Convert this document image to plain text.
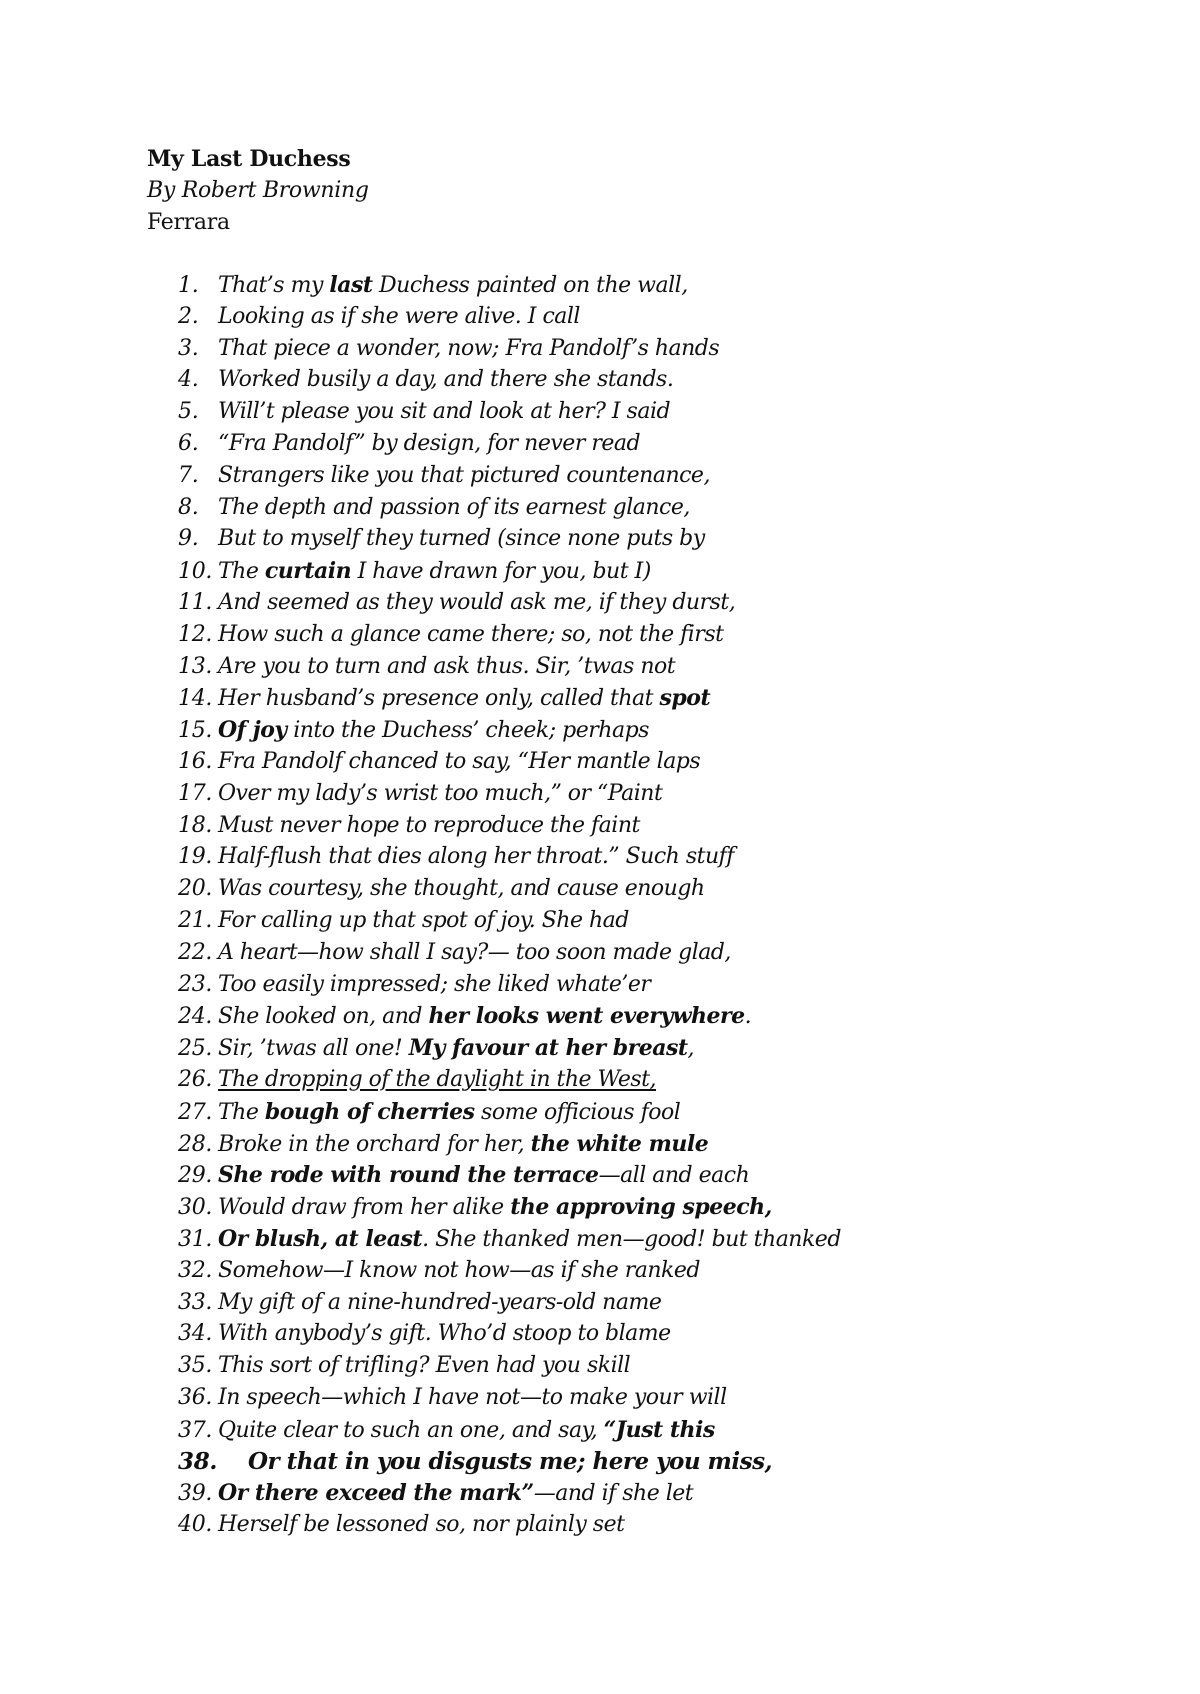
My Last Duchess
By Robert Browning
Ferrara
1. That’s my last Duchess painted on the wall,
2. Looking as if she were alive. I call
3. That piece a wonder, now; Fra Pandolf’s hands
4. Worked busily a day, and there she stands.
5. Will’t please you sit and look at her? I said
6. “Fra Pandolf” by design, for never read
7. Strangers like you that pictured countenance,
8. The depth and passion of its earnest glance,
9. But to myself they turned (since none puts by
10. The curtain I have drawn for you, but I)
11. And seemed as they would ask me, if they durst,
12. How such a glance came there; so, not the first
13. Are you to turn and ask thus. Sir, ’twas not
14. Her husband’s presence only, called that spot
15. Of joy into the Duchess’ cheek; perhaps
16. Fra Pandolf chanced to say, “Her mantle laps
17. Over my lady’s wrist too much,” or “Paint
18. Must never hope to reproduce the faint
19. Half-flush that dies along her throat.” Such stuff
20. Was courtesy, she thought, and cause enough
21. For calling up that spot of joy. She had
22. A heart—how shall I say?— too soon made glad,
23. Too easily impressed; she liked whate’er
24. She looked on, and her looks went everywhere.
25. Sir, ’twas all one! My favour at her breast,
26. The dropping of the daylight in the West,
27. The bough of cherries some officious fool
28. Broke in the orchard for her, the white mule
29. She rode with round the terrace—all and each
30. Would draw from her alike the approving speech,
31. Or blush, at least. She thanked men—good! but thanked
32. Somehow—I know not how—as if she ranked
33. My gift of a nine-hundred-years-old name
34. With anybody’s gift. Who’d stoop to blame
35. This sort of trifling? Even had you skill
36. In speech—which I have not—to make your will
37. Quite clear to such an one, and say, “Just this
38.	Or that in you disgusts me; here you miss,
39. Or there exceed the mark”—and if she let
40. Herself be lessoned so, nor plainly set
